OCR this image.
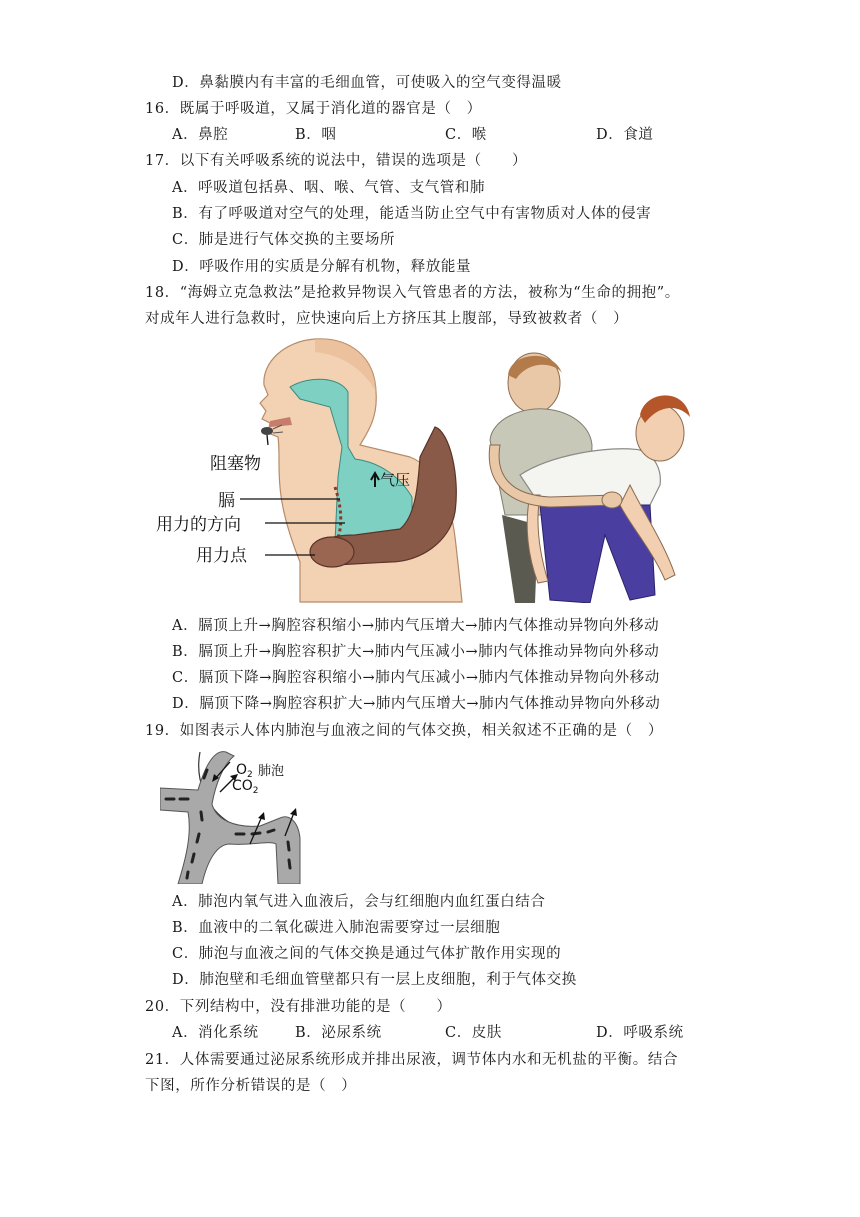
D．鼻黏膜内有丰富的毛细血管，可使吸入的空气变得温暖
16．既属于呼吸道，又属于消化道的器官是（　）
A．鼻腔	B．咽	C．喉	D．食道
17．以下有关呼吸系统的说法中，错误的选项是（　　）
A．呼吸道包括鼻、咽、喉、气管、支气管和肺
B．有了呼吸道对空气的处理，能适当防止空气中有害物质对人体的侵害
C．肺是进行气体交换的主要场所
D．呼吸作用的实质是分解有机物，释放能量
18．“海姆立克急救法”是抢救异物误入气管患者的方法，被称为“生命的拥抱”。
对成年人进行急救时，应快速向后上方挤压其上腹部，导致被救者（　）
阻塞物
气压
膈
用力的方向
用力点
A．膈顶上升→胸腔容积缩小→肺内气压增大→肺内气体推动异物向外移动
B．膈顶上升→胸腔容积扩大→肺内气压减小→肺内气体推动异物向外移动
C．膈顶下降→胸腔容积缩小→肺内气压减小→肺内气体推动异物向外移动
D．膈顶下降→胸腔容积扩大→肺内气压增大→肺内气体推动异物向外移动
19．如图表示人体内肺泡与血液之间的气体交换，相关叙述不正确的是（　）
$O_2$ 肺泡
$CO_2$
A．肺泡内氧气进入血液后，会与红细胞内血红蛋白结合
B．血液中的二氧化碳进入肺泡需要穿过一层细胞
C．肺泡与血液之间的气体交换是通过气体扩散作用实现的
D．肺泡壁和毛细血管壁都只有一层上皮细胞，利于气体交换
20．下列结构中，没有排泄功能的是（　　）
A．消化系统	B．泌尿系统	C．皮肤	D．呼吸系统
21．人体需要通过泌尿系统形成并排出尿液，调节体内水和无机盐的平衡。结合
下图，所作分析错误的是（　）
